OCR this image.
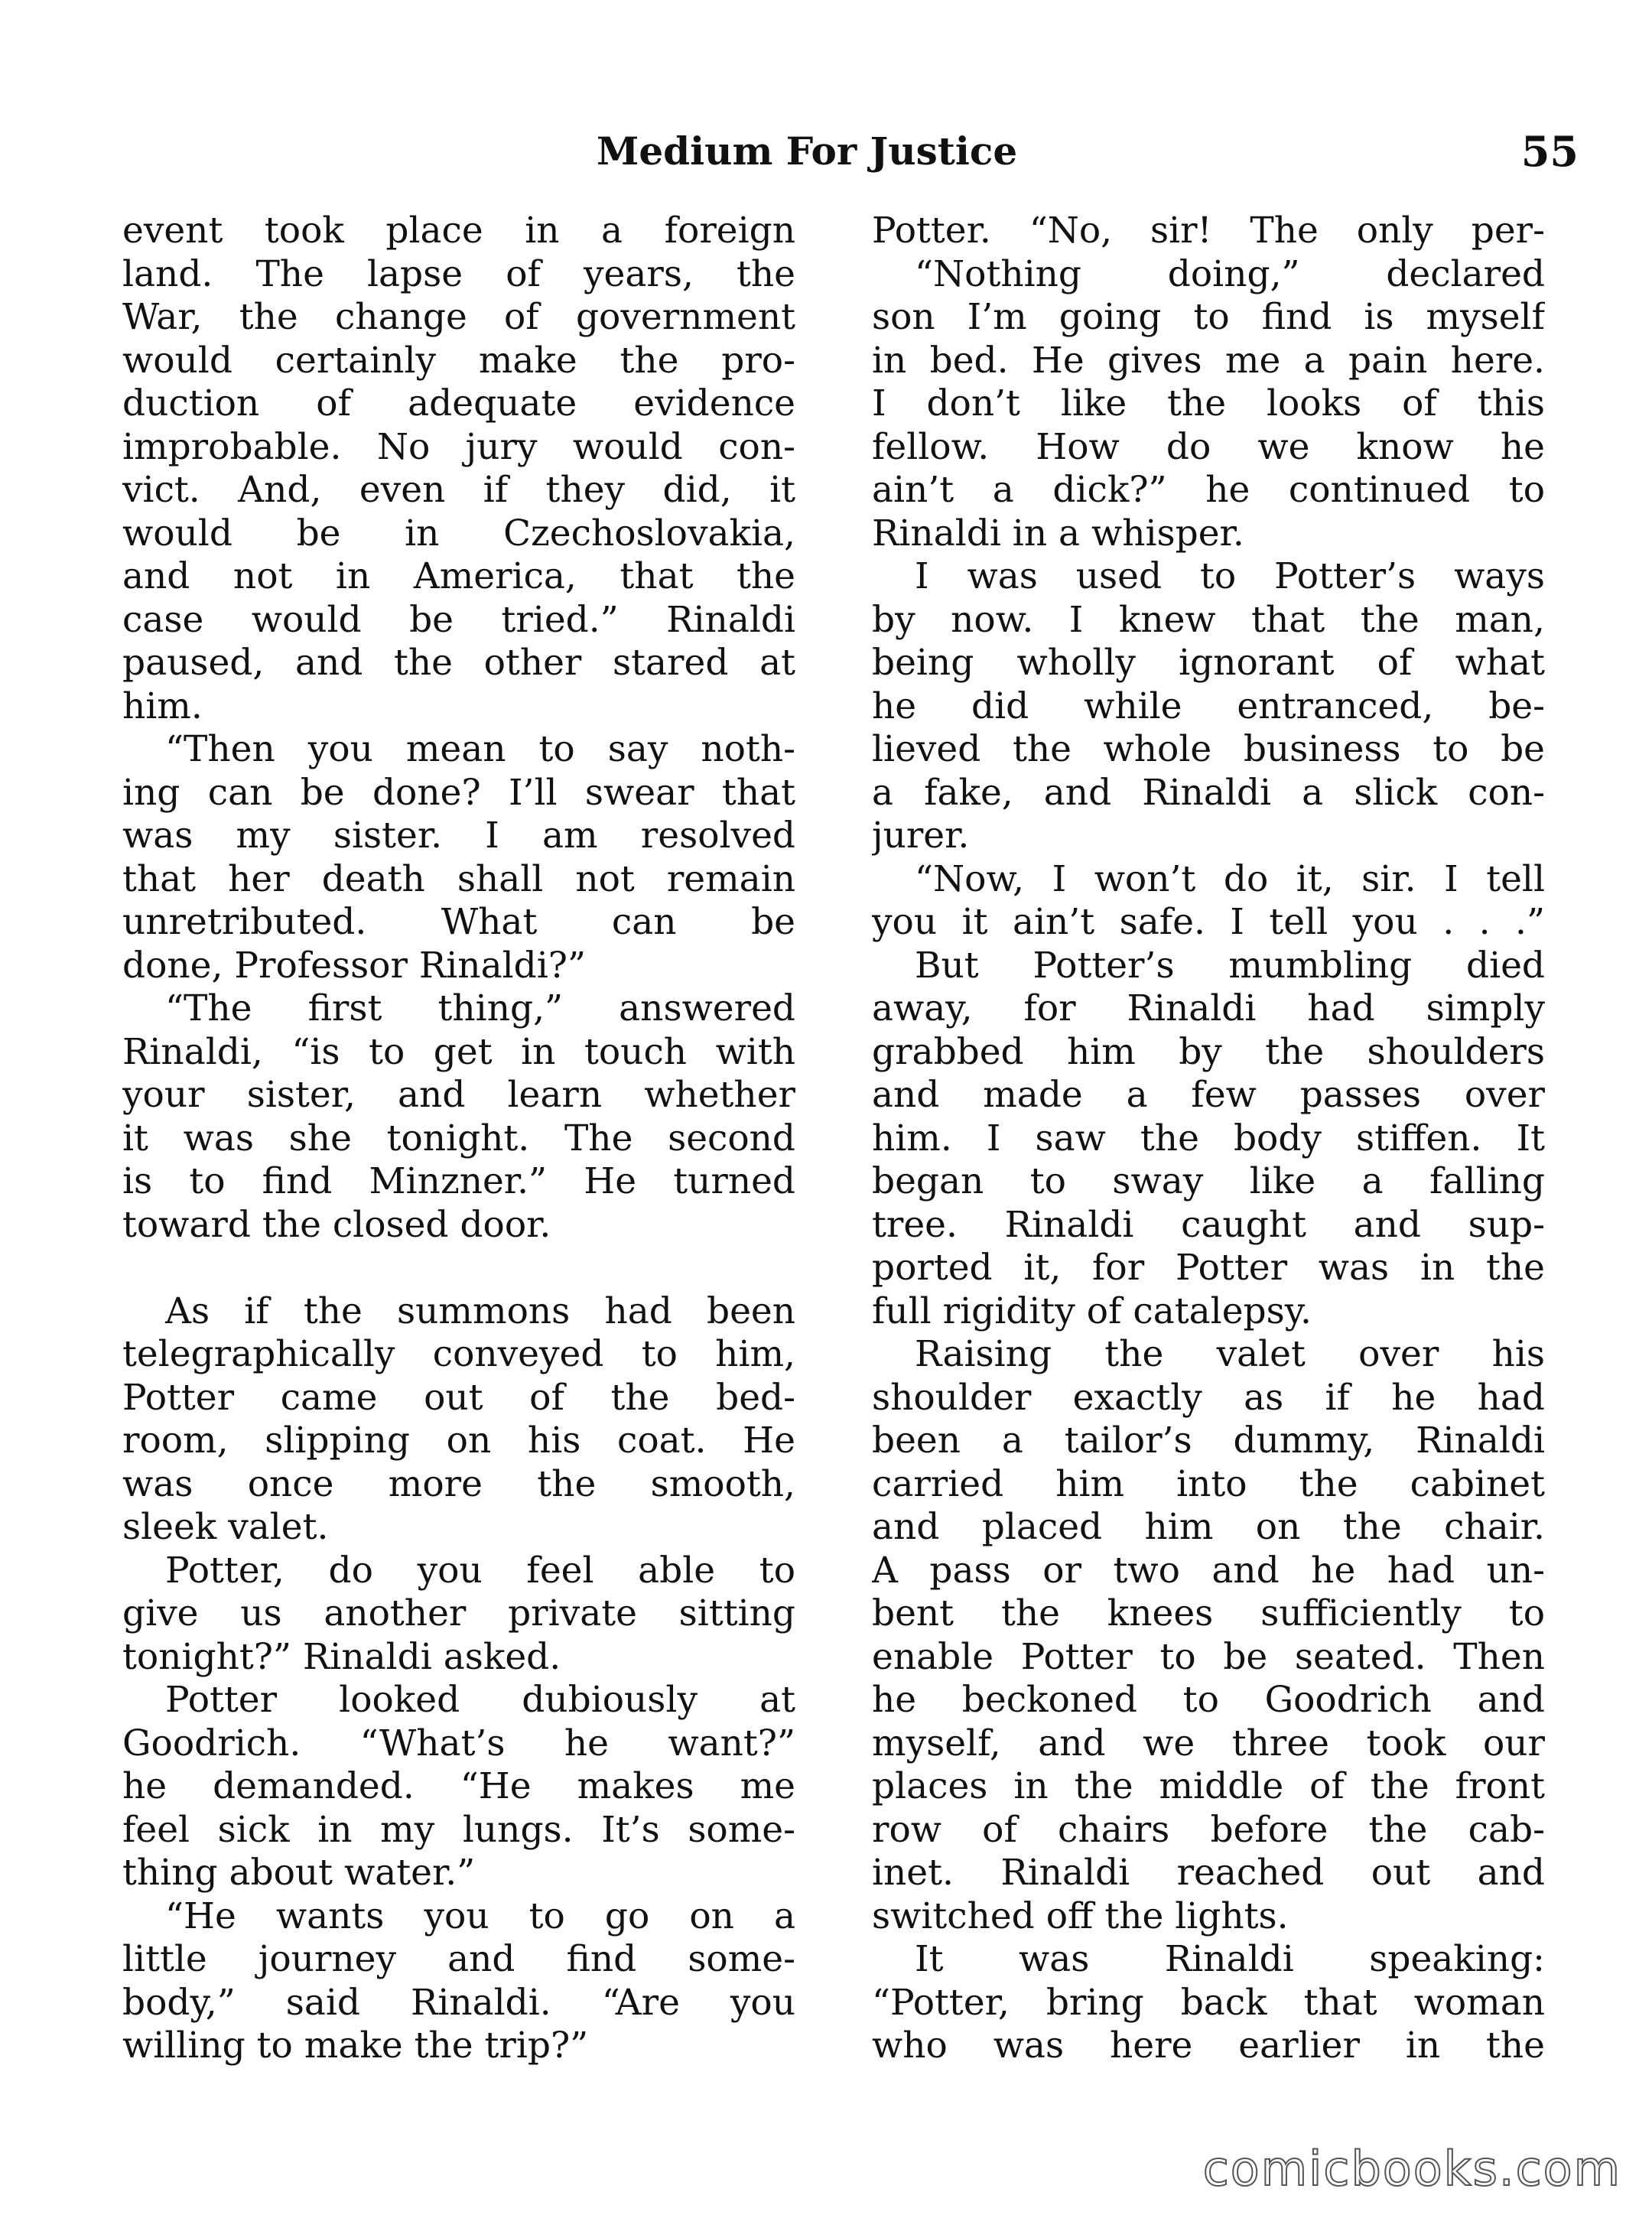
Medium For Justice	55
event took place in a foreign
land. The lapse of years, the
War, the change of government
would certainly make the pro-
duction of adequate evidence
improbable. No jury would con-
vict. And, even if they did, it
would be in Czechoslovakia,
and not in America, that the
case would be tried.” Rinaldi
paused, and the other stared at
him.
“Then you mean to say noth-
ing can be done? I’ll swear that
was my sister. I am resolved
that her death shall not remain
unretributed. What can be
done, Professor Rinaldi?”
“The first thing,” answered
Rinaldi, “is to get in touch with
your sister, and learn whether
it was she tonight. The second
is to find Minzner.” He turned
toward the closed door.
As if the summons had been
telegraphically conveyed to him,
Potter came out of the bed-
room, slipping on his coat. He
was once more the smooth,
sleek valet.
Potter, do you feel able to
give us another private sitting
tonight?” Rinaldi asked.
Potter looked dubiously at
Goodrich. “What’s he want?”
he demanded. “He makes me
feel sick in my lungs. It’s some-
thing about water.”
“He wants you to go on a
little journey and find some-
body,” said Rinaldi. “Are you
willing to make the trip?”
Potter. “No, sir! The only per-
“Nothing doing,” declared
son I’m going to find is myself
in bed. He gives me a pain here.
I don’t like the looks of this
fellow. How do we know he
ain’t a dick?” he continued to
Rinaldi in a whisper.
I was used to Potter’s ways
by now. I knew that the man,
being wholly ignorant of what
he did while entranced, be-
lieved the whole business to be
a fake, and Rinaldi a slick con-
jurer.
“Now, I won’t do it, sir. I tell
you it ain’t safe. I tell you . . .”
But Potter’s mumbling died
away, for Rinaldi had simply
grabbed him by the shoulders
and made a few passes over
him. I saw the body stiffen. It
began to sway like a falling
tree. Rinaldi caught and sup-
ported it, for Potter was in the
full rigidity of catalepsy.
Raising the valet over his
shoulder exactly as if he had
been a tailor’s dummy, Rinaldi
carried him into the cabinet
and placed him on the chair.
A pass or two and he had un-
bent the knees sufficiently to
enable Potter to be seated. Then
he beckoned to Goodrich and
myself, and we three took our
places in the middle of the front
row of chairs before the cab-
inet. Rinaldi reached out and
switched off the lights.
It was Rinaldi speaking:
“Potter, bring back that woman
who was here earlier in the
comicbooks.com
